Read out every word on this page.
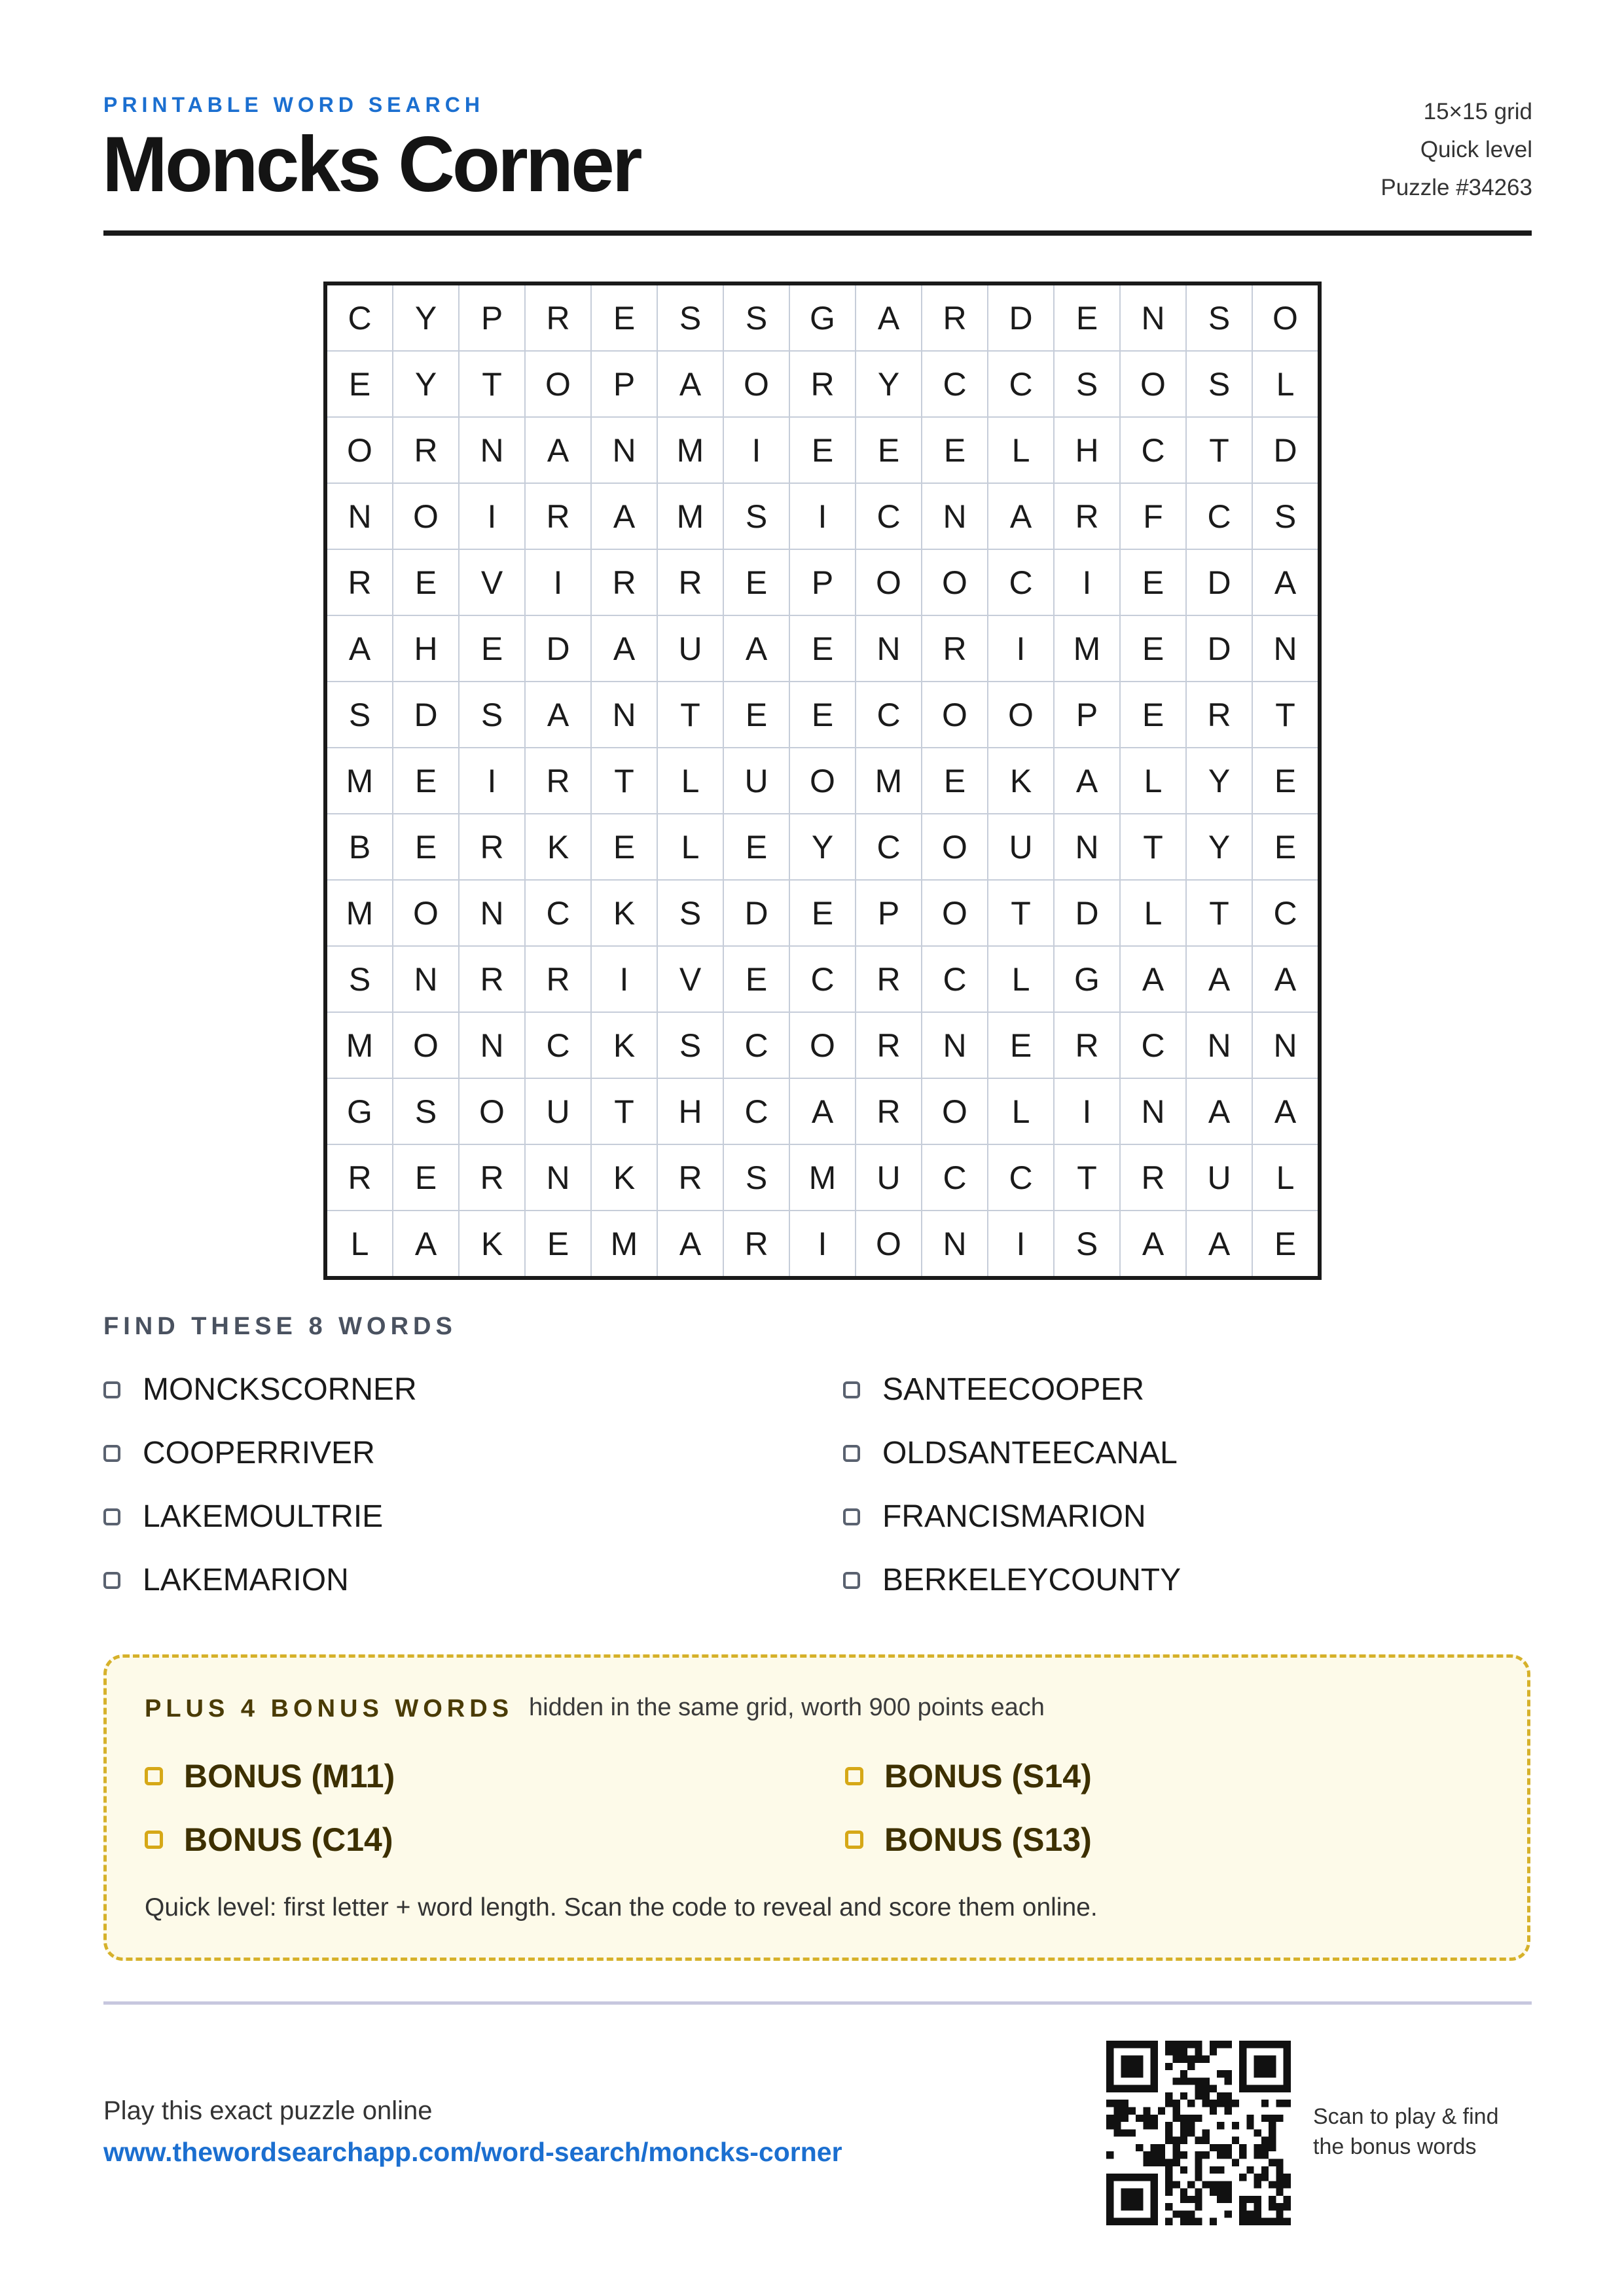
PRINTABLE WORD SEARCH
Moncks Corner
15×15 grid
Quick level
Puzzle #34263
C	Y	P	R	E	S	S	G	A	R	D	E	N	S	O
E	Y	T	O	P	A	O	R	Y	C	C	S	O	S	L
O	R	N	A	N	M	I	E	E	E	L	H	C	T	D
N	O	I	R	A	M	S	I	C	N	A	R	F	C	S
R	E	V	I	R	R	E	P	O	O	C	I	E	D	A
A	H	E	D	A	U	A	E	N	R	I	M	E	D	N
S	D	S	A	N	T	E	E	C	O	O	P	E	R	T
M	E	I	R	T	L	U	O	M	E	K	A	L	Y	E
B	E	R	K	E	L	E	Y	C	O	U	N	T	Y	E
M	O	N	C	K	S	D	E	P	O	T	D	L	T	C
S	N	R	R	I	V	E	C	R	C	L	G	A	A	A
M	O	N	C	K	S	C	O	R	N	E	R	C	N	N
G	S	O	U	T	H	C	A	R	O	L	I	N	A	A
R	E	R	N	K	R	S	M	U	C	C	T	R	U	L
L	A	K	E	M	A	R	I	O	N	I	S	A	A	E
FIND THESE 8 WORDS
MONCKSCORNER	SANTEECOOPER
COOPERRIVER	OLDSANTEECANAL
LAKEMOULTRIE	FRANCISMARION
LAKEMARION	BERKELEYCOUNTY
PLUS 4 BONUS WORDS hidden in the same grid, worth 900 points each
BONUS (M11)	BONUS (S14)
BONUS (C14)	BONUS (S13)
Quick level: first letter + word length. Scan the code to reveal and score them online.
Play this exact puzzle online
www.thewordsearchapp.com/word-search/moncks-corner
Scan to play & find
the bonus words
